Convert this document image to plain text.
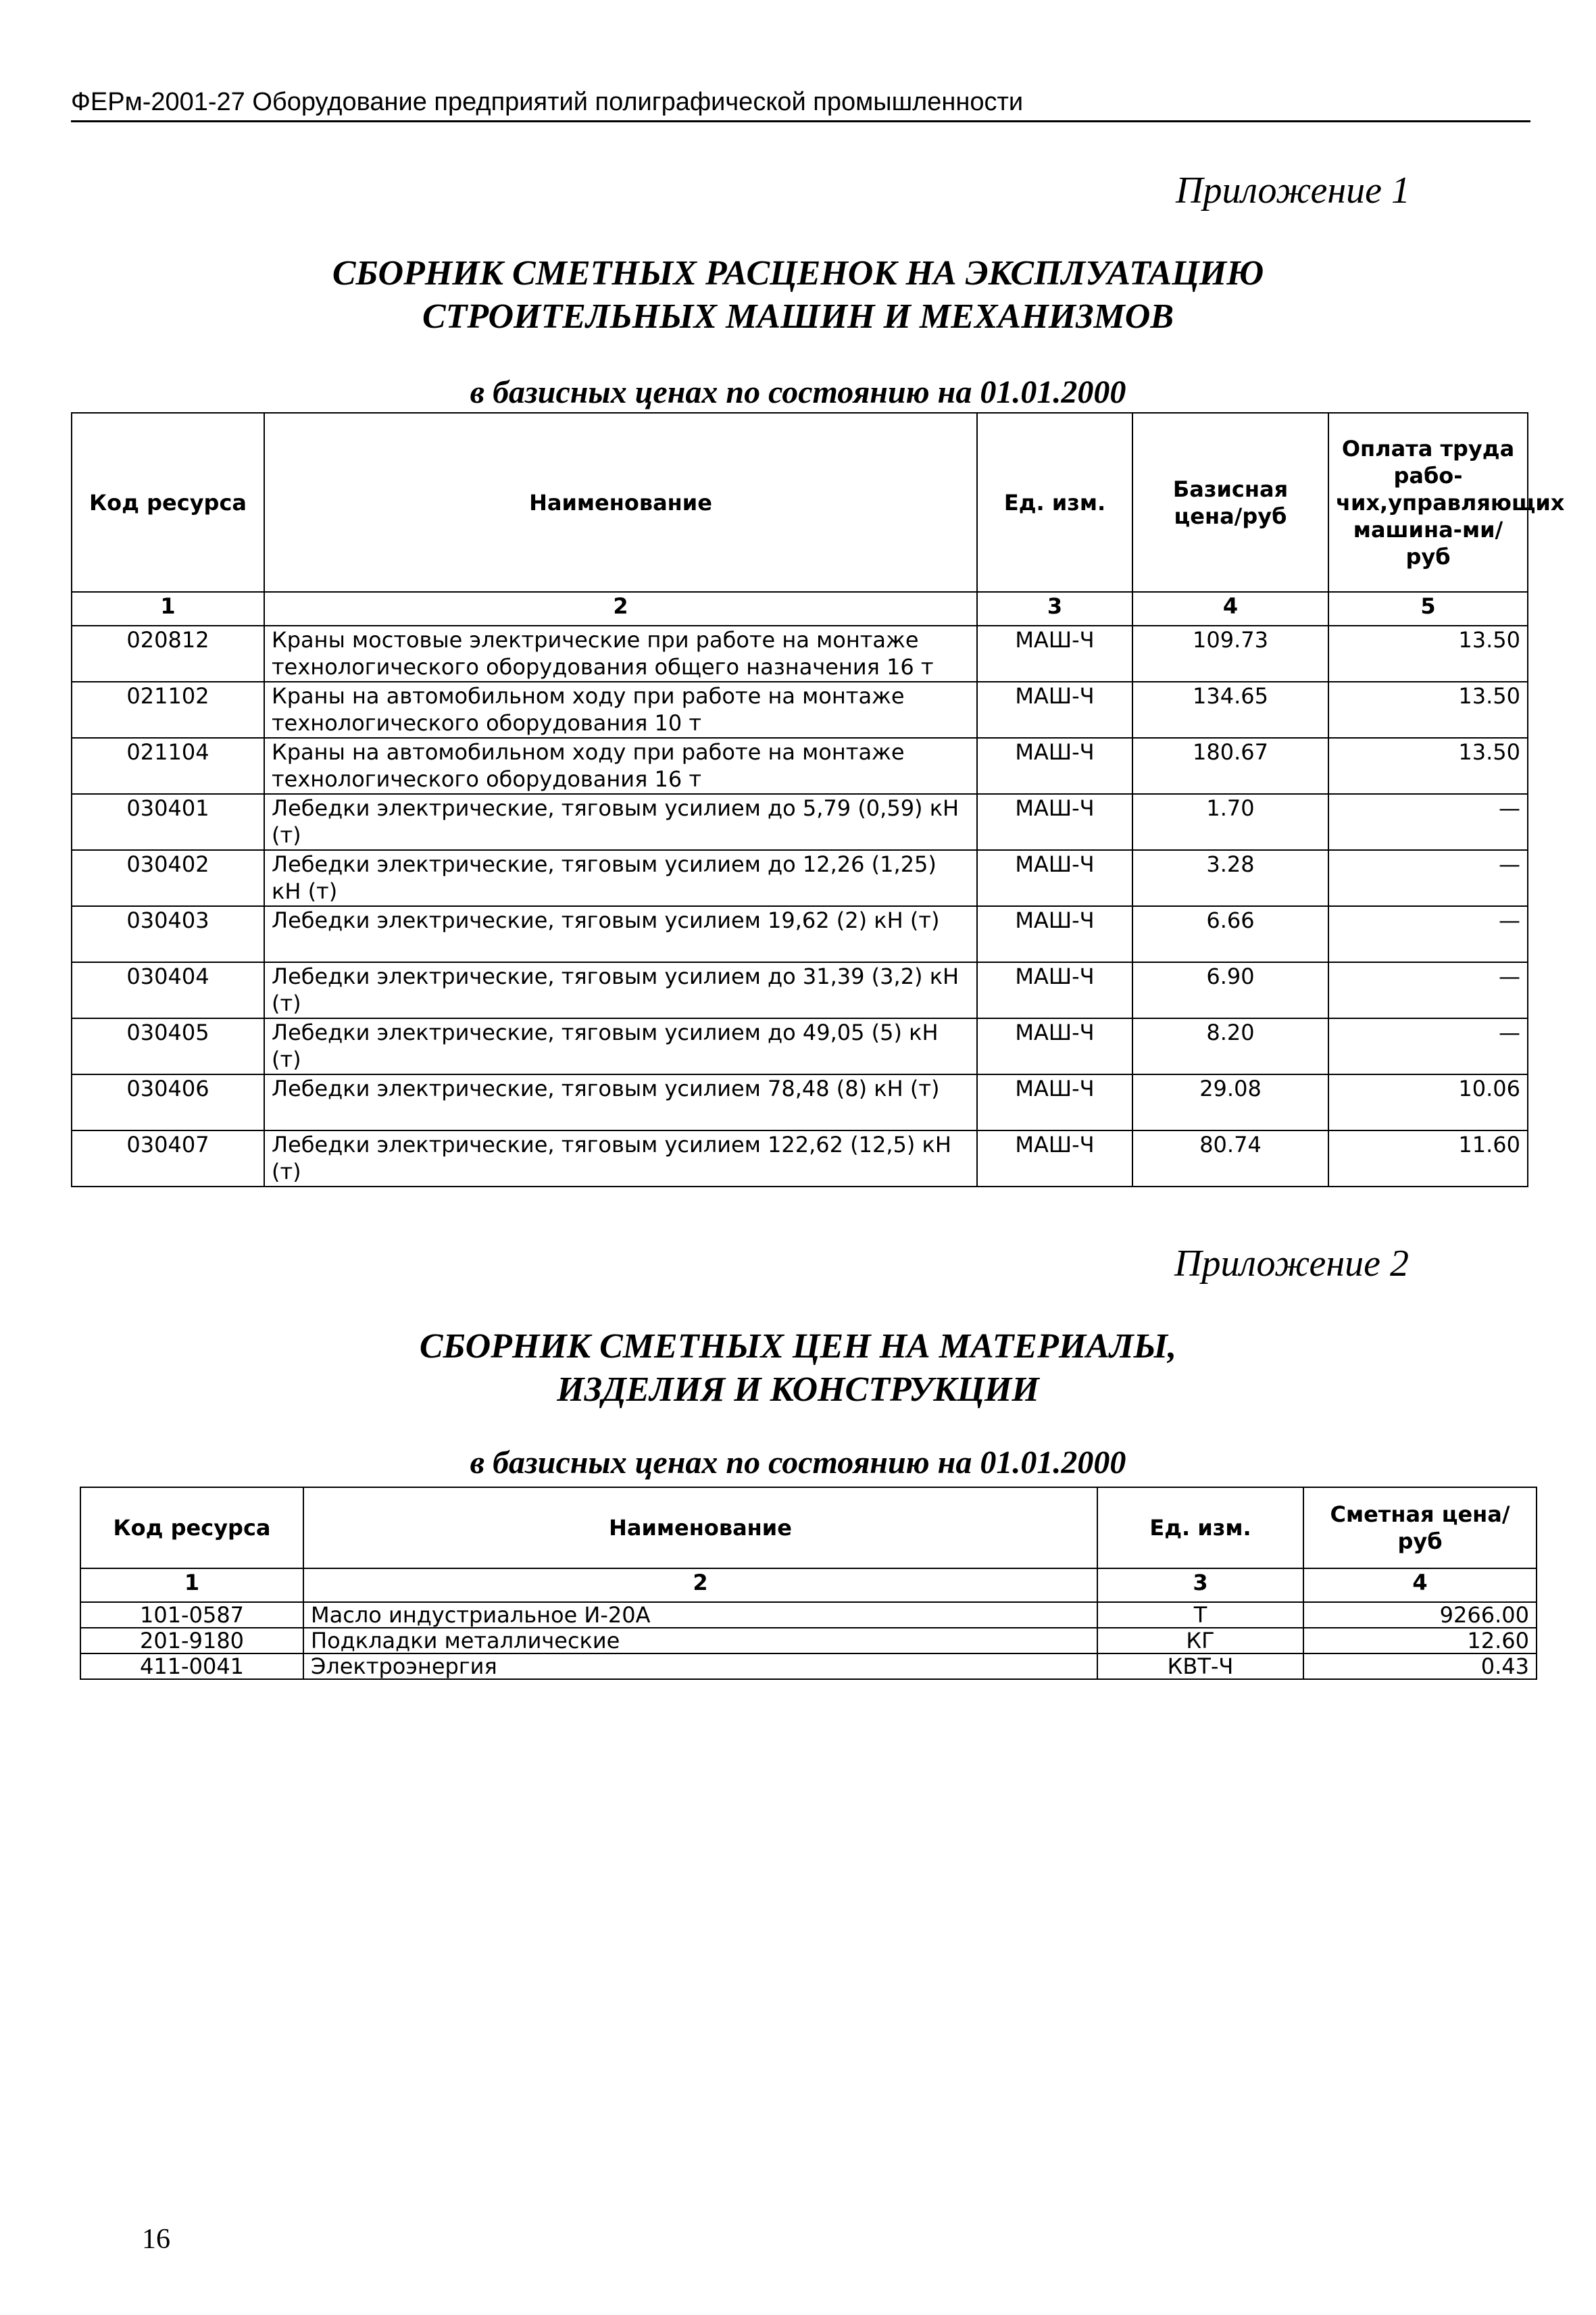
ФЕРм-2001-27 Оборудование предприятий полиграфической промышленности
Приложение 1
СБОРНИК СМЕТНЫХ РАСЦЕНОК НА ЭКСПЛУАТАЦИЮ
СТРОИТЕЛЬНЫХ МАШИН И МЕХАНИЗМОВ
в базисных ценах по состоянию на 01.01.2000
Код ресурса	Наименование	Ед. изм.	Базисная цена/руб	Оплата труда рабо-чих,управляющих машина-ми/руб
1	2	3	4	5
020812	Краны мостовые электрические при работе на монтаже технологического оборудования общего назначения 16 т	МАШ-Ч	109.73	13.50
021102	Краны на автомобильном ходу при работе на монтаже технологического оборудования 10 т	МАШ-Ч	134.65	13.50
021104	Краны на автомобильном ходу при работе на монтаже технологического оборудования 16 т	МАШ-Ч	180.67	13.50
030401	Лебедки электрические, тяговым усилием до 5,79 (0,59) кН (т)	МАШ-Ч	1.70	—
030402	Лебедки электрические, тяговым усилием до 12,26 (1,25) кН (т)	МАШ-Ч	3.28	—
030403	Лебедки электрические, тяговым усилием 19,62 (2) кН (т)	МАШ-Ч	6.66	—
030404	Лебедки электрические, тяговым усилием до 31,39 (3,2) кН (т)	МАШ-Ч	6.90	—
030405	Лебедки электрические, тяговым усилием до 49,05 (5) кН (т)	МАШ-Ч	8.20	—
030406	Лебедки электрические, тяговым усилием 78,48 (8) кН (т)	МАШ-Ч	29.08	10.06
030407	Лебедки электрические, тяговым усилием 122,62 (12,5) кН (т)	МАШ-Ч	80.74	11.60
Приложение 2
СБОРНИК СМЕТНЫХ ЦЕН НА МАТЕРИАЛЫ,
ИЗДЕЛИЯ И КОНСТРУКЦИИ
в базисных ценах по состоянию на 01.01.2000
Код ресурса	Наименование	Ед. изм.	Сметная цена/руб
1	2	3	4
101-0587	Масло индустриальное И-20А	Т	9266.00
201-9180	Подкладки металлические	КГ	12.60
411-0041	Электроэнергия	КВТ-Ч	0.43
16
